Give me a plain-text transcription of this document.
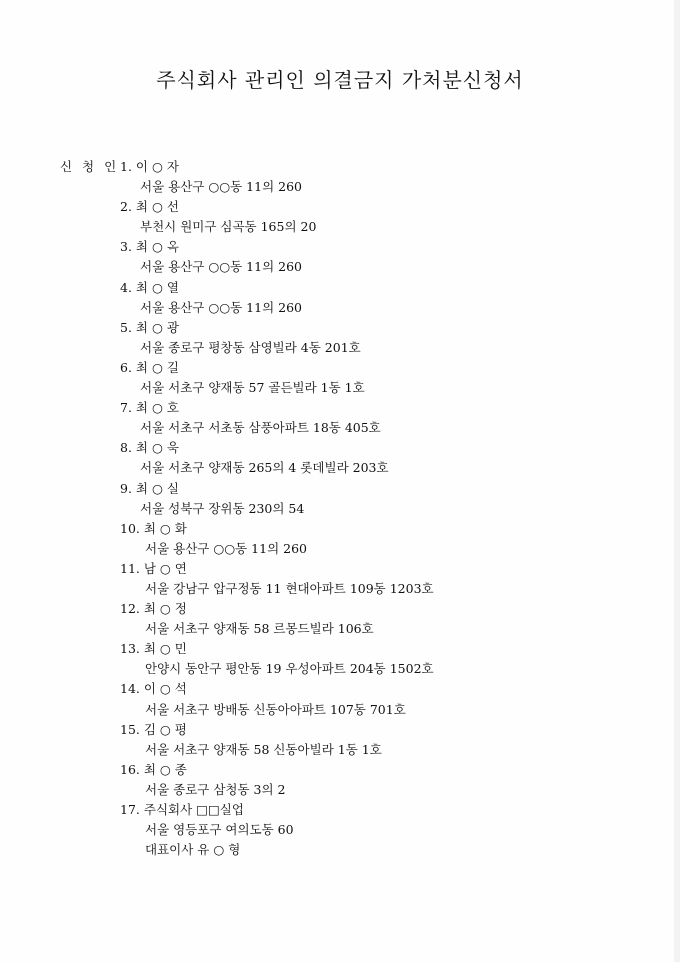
주식회사 관리인 의결금지 가처분신청서
신 청 인 1. 이 ○ 자
서울 용산구 ○○동 11의 260
2. 최 ○ 선
부천시 원미구 심곡동 165의 20
3. 최 ○ 옥
서울 용산구 ○○동 11의 260
4. 최 ○ 열
서울 용산구 ○○동 11의 260
5. 최 ○ 광
서울 종로구 평창동 삼영빌라 4동 201호
6. 최 ○ 길
서울 서초구 양재동 57 골든빌라 1동 1호
7. 최 ○ 호
서울 서초구 서초동 삼풍아파트 18동 405호
8. 최 ○ 욱
서울 서초구 양재동 265의 4 롯데빌라 203호
9. 최 ○ 실
서울 성북구 장위동 230의 54
10. 최 ○ 화
서울 용산구 ○○동 11의 260
11. 남 ○ 연
서울 강남구 압구정동 11 현대아파트 109동 1203호
12. 최 ○ 정
서울 서초구 양재동 58 르몽드빌라 106호
13. 최 ○ 민
안양시 동안구 평안동 19 우성아파트 204동 1502호
14. 이 ○ 석
서울 서초구 방배동 신동아아파트 107동 701호
15. 김 ○ 평
서울 서초구 양재동 58 신동아빌라 1동 1호
16. 최 ○ 종
서울 종로구 삼청동 3의 2
17. 주식회사 □□실업
서울 영등포구 여의도동 60
대표이사 유 ○ 형
